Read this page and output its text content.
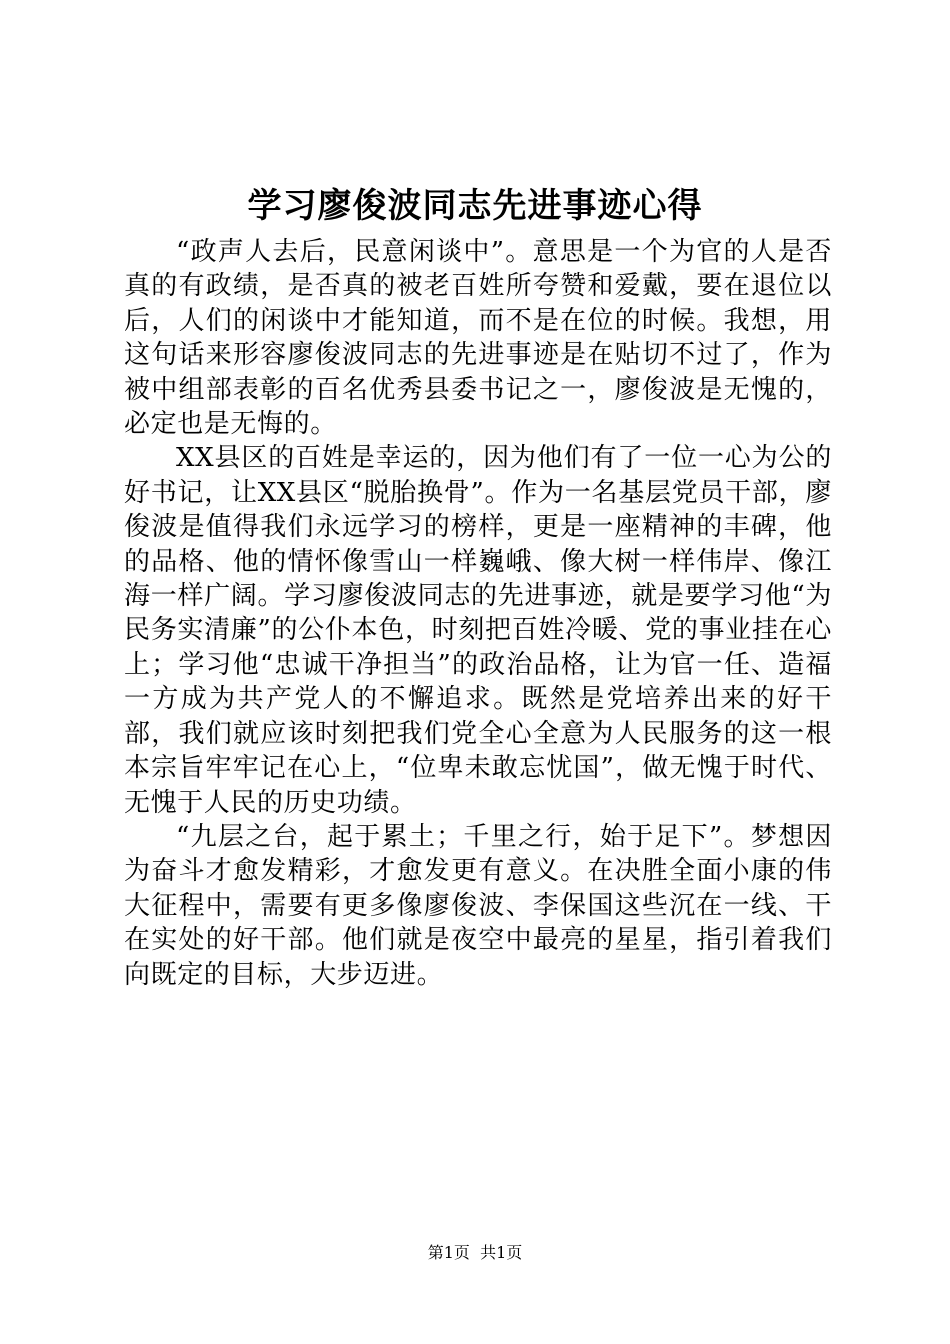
学习廖俊波同志先进事迹心得

“政声人去后，民意闲谈中”。意思是一个为官的人是否真的有政绩，是否真的被老百姓所夸赞和爱戴，要在退位以后，人们的闲谈中才能知道，而不是在位的时候。我想，用这句话来形容廖俊波同志的先进事迹是在贴切不过了，作为被中组部表彰的百名优秀县委书记之一，廖俊波是无愧的，必定也是无悔的。

XX县区的百姓是幸运的，因为他们有了一位一心为公的好书记，让XX县区“脱胎换骨”。作为一名基层党员干部，廖俊波是值得我们永远学习的榜样，更是一座精神的丰碑，他的品格、他的情怀像雪山一样巍峨、像大树一样伟岸、像江海一样广阔。学习廖俊波同志的先进事迹，就是要学习他“为民务实清廉”的公仆本色，时刻把百姓冷暖、党的事业挂在心上；学习他“忠诚干净担当”的政治品格，让为官一任、造福一方成为共产党人的不懈追求。既然是党培养出来的好干部，我们就应该时刻把我们党全心全意为人民服务的这一根本宗旨牢牢记在心上，“位卑未敢忘忧国”，做无愧于时代、无愧于人民的历史功绩。

“九层之台，起于累土；千里之行，始于足下”。梦想因为奋斗才愈发精彩，才愈发更有意义。在决胜全面小康的伟大征程中，需要有更多像廖俊波、李保国这些沉在一线、干在实处的好干部。他们就是夜空中最亮的星星，指引着我们向既定的目标，大步迈进。

第1页  共1页
